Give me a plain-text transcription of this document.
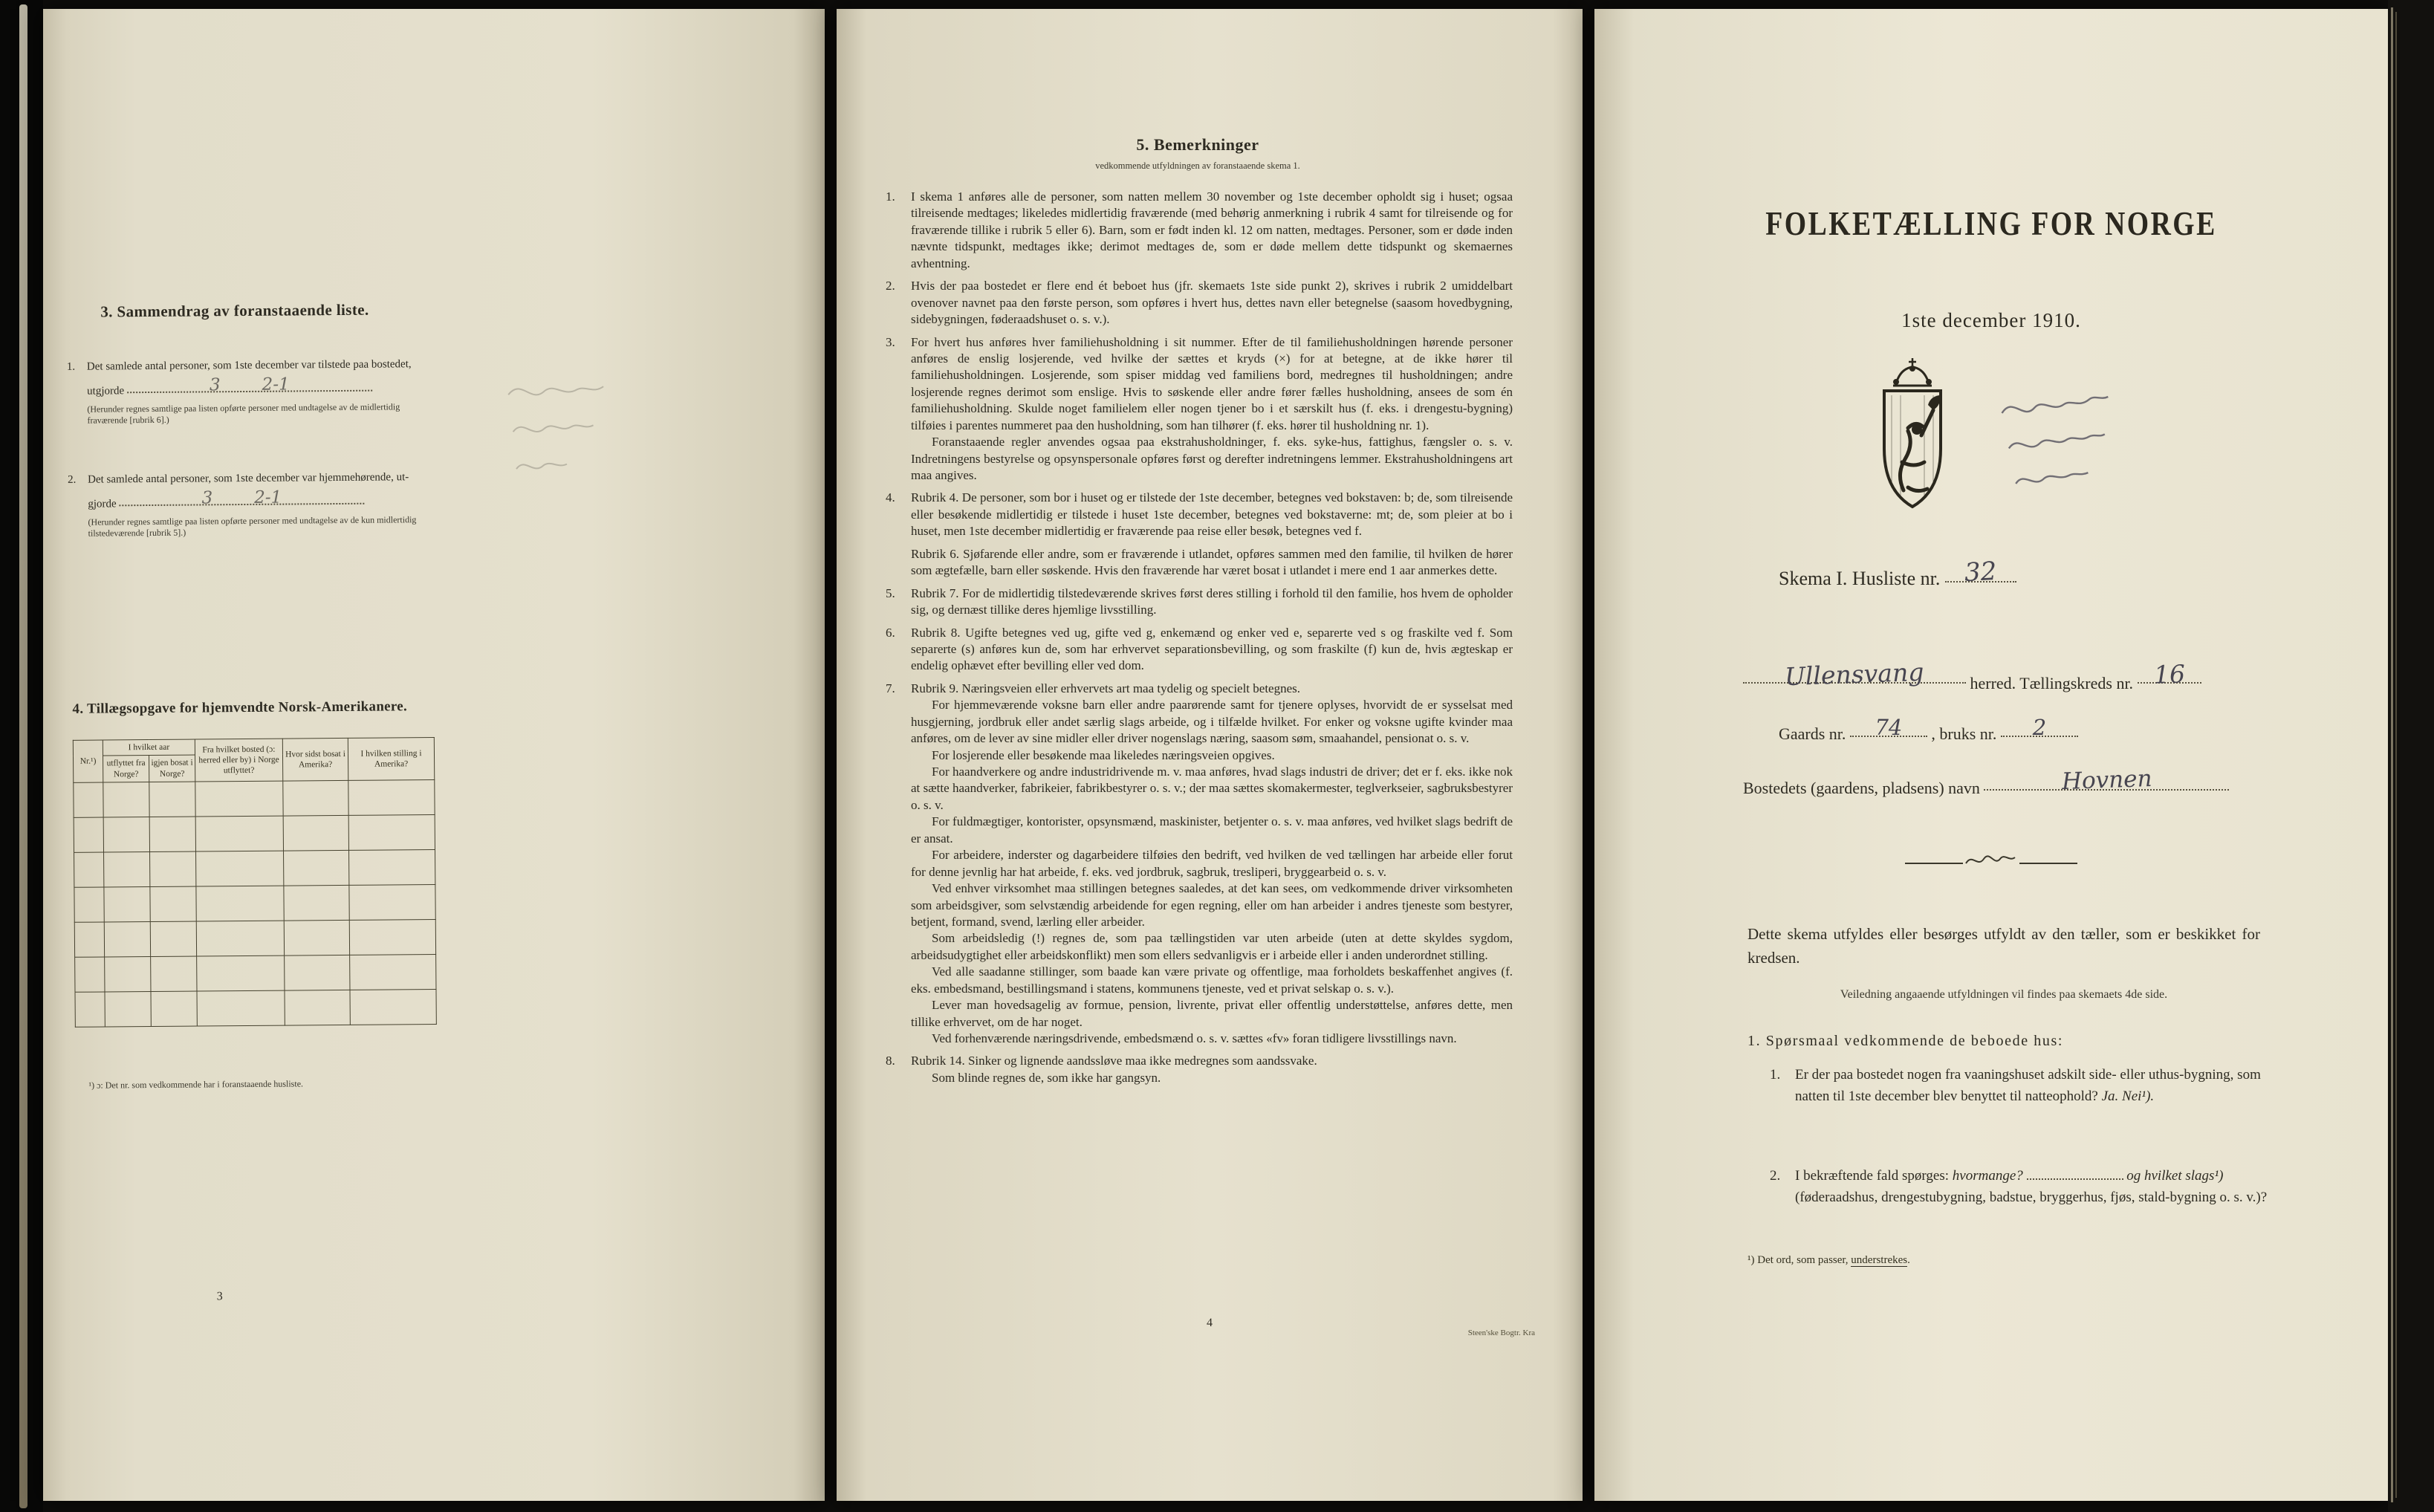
3. Sammendrag av foranstaaende liste.
1. Det samlede antal personer, som 1ste december var tilstede paa bostedet,
utgjorde	3 2-1
(Herunder regnes samtlige paa listen opførte personer med undtagelse av de midlertidig fraværende [rubrik 6].)
2. Det samlede antal personer, som 1ste december var hjemmehørende, ut-
gjorde	3 2-1
(Herunder regnes samtlige paa listen opførte personer med undtagelse av de kun midlertidig tilstedeværende [rubrik 5].)
4. Tillægsopgave for hjemvendte Norsk-Amerikanere.
Nr.¹)	I hvilket aar		Fra hvilket bosted (ɔ: herred eller by) i Norge utflyttet?	Hvor sidst bosat i Amerika?	I hvilken stilling i Amerika?
	utflyttet fra Norge?	igjen bosat i Norge?			

¹) ɔ: Det nr. som vedkommende har i foranstaaende husliste.
3
5. Bemerkninger
vedkommende utfyldningen av foranstaaende skema 1.
1. I skema 1 anføres alle de personer, som natten mellem 30 november og 1ste december opholdt sig i huset; ogsaa tilreisende medtages; likeledes midlertidig fraværende (med behørig anmerkning i rubrik 4 samt for tilreisende og for fraværende tillike i rubrik 5 eller 6). Barn, som er født inden kl. 12 om natten, medtages. Personer, som er døde inden nævnte tidspunkt, medtages ikke; derimot medtages de, som er døde mellem dette tidspunkt og skemaernes avhentning.

2. Hvis der paa bostedet er flere end ét beboet hus (jfr. skemaets 1ste side punkt 2), skrives i rubrik 2 umiddelbart ovenover navnet paa den første person, som opføres i hvert hus, dettes navn eller betegnelse (saasom hovedbygning, sidebygningen, føderaadshuset o. s. v.).

3. For hvert hus anføres hver familiehusholdning i sit nummer. Efter de til familiehusholdningen hørende personer anføres de enslig losjerende, ved hvilke der sættes et kryds (×) for at betegne, at de ikke hører til familiehusholdningen. Losjerende, som spiser middag ved familiens bord, medregnes til husholdningen; andre losjerende regnes derimot som enslige. Hvis to søskende eller andre fører fælles husholdning, ansees de som én familiehusholdning. Skulde noget familielem eller nogen tjener bo i et særskilt hus (f. eks. i drengestu-bygning) tilføies i parentes nummeret paa den husholdning, som han tilhører (f. eks. hører til husholdning nr. 1).

Foranstaaende regler anvendes ogsaa paa ekstrahusholdninger, f. eks. syke-hus, fattighus, fængsler o. s. v. Indretningens bestyrelse og opsynspersonale opføres først og derefter indretningens lemmer. Ekstrahusholdningens art maa angives.

4. Rubrik 4. De personer, som bor i huset og er tilstede der 1ste december, betegnes ved bokstaven: b; de, som tilreisende eller besøkende midlertidig er tilstede i huset 1ste december, betegnes ved bokstaverne: mt; de, som pleier at bo i huset, men 1ste december midlertidig er fraværende paa reise eller besøk, betegnes ved f.

Rubrik 6. Sjøfarende eller andre, som er fraværende i utlandet, opføres sammen med den familie, til hvilken de hører som ægtefælle, barn eller søskende. Hvis den fraværende har været bosat i utlandet i mere end 1 aar anmerkes dette.

5. Rubrik 7. For de midlertidig tilstedeværende skrives først deres stilling i forhold til den familie, hos hvem de opholder sig, og dernæst tillike deres hjemlige livsstilling.

6. Rubrik 8. Ugifte betegnes ved ug, gifte ved g, enkemænd og enker ved e, separerte ved s og fraskilte ved f. Som separerte (s) anføres kun de, som har erhvervet separationsbevilling, og som fraskilte (f) kun de, hvis ægteskap er endelig ophævet efter bevilling eller ved dom.

7. Rubrik 9. Næringsveien eller erhvervets art maa tydelig og specielt betegnes.

For hjemmeværende voksne barn eller andre paarørende samt for tjenere oplyses, hvorvidt de er sysselsat med husgjerning, jordbruk eller andet særlig slags arbeide, og i tilfælde hvilket. For enker og voksne ugifte kvinder maa anføres, om de lever av sine midler eller driver nogenslags næring, saasom søm, smaahandel, pensionat o. s. v.

For losjerende eller besøkende maa likeledes næringsveien opgives.

For haandverkere og andre industridrivende m. v. maa anføres, hvad slags industri de driver; det er f. eks. ikke nok at sætte haandverker, fabrikeier, fabrikbestyrer o. s. v.; der maa sættes skomakermester, teglverkseier, sagbruksbestyrer o. s. v.

For fuldmægtiger, kontorister, opsynsmænd, maskinister, betjenter o. s. v. maa anføres, ved hvilket slags bedrift de er ansat.

For arbeidere, inderster og dagarbeidere tilføies den bedrift, ved hvilken de ved tællingen har arbeide eller forut for denne jevnlig har hat arbeide, f. eks. ved jordbruk, sagbruk, tresliperi, bryggearbeid o. s. v.

Ved enhver virksomhet maa stillingen betegnes saaledes, at det kan sees, om vedkommende driver virksomheten som arbeidsgiver, som selvstændig arbeidende for egen regning, eller om han arbeider i andres tjeneste som bestyrer, betjent, formand, svend, lærling eller arbeider.

Som arbeidsledig (!) regnes de, som paa tællingstiden var uten arbeide (uten at dette skyldes sygdom, arbeidsudygtighet eller arbeidskonflikt) men som ellers sedvanligvis er i arbeide eller i anden underordnet stilling.

Ved alle saadanne stillinger, som baade kan være private og offentlige, maa forholdets beskaffenhet angives (f. eks. embedsmand, bestillingsmand i statens, kommunens tjeneste, ved et privat selskap o. s. v.).

Lever man hovedsagelig av formue, pension, livrente, privat eller offentlig understøttelse, anføres dette, men tillike erhvervet, om de har noget.

Ved forhenværende næringsdrivende, embedsmænd o. s. v. sættes «fv» foran tidligere livsstillings navn.

8. Rubrik 14. Sinker og lignende aandssløve maa ikke medregnes som aandssvake.

Som blinde regnes de, som ikke har gangsyn.

4
Steen'ske Bogtr. Kra
FOLKETÆLLING FOR NORGE
1ste december 1910.
Skema I. Husliste nr. 32
Ullensvang	herred. Tællingskreds nr. 16
Gaards nr. 74 , bruks nr. 2
Bostedets (gaardens, pladsens) navn	Hovnen
Dette skema utfyldes eller besørges utfyldt av den tæller, som er beskikket for kredsen.
Veiledning angaaende utfyldningen vil findes paa skemaets 4de side.
1. Spørsmaal vedkommende de beboede hus:
1. Er der paa bostedet nogen fra vaaningshuset adskilt side- eller uthus-bygning, som natten til 1ste december blev benyttet til natteophold? Ja. Nei¹).
2. I bekræftende fald spørges: hvormange?	og hvilket slags¹) (føderaadshus, drengestubygning, badstue, bryggerhus, fjøs, stald-bygning o. s. v.)?
¹) Det ord, som passer, understrekes.
